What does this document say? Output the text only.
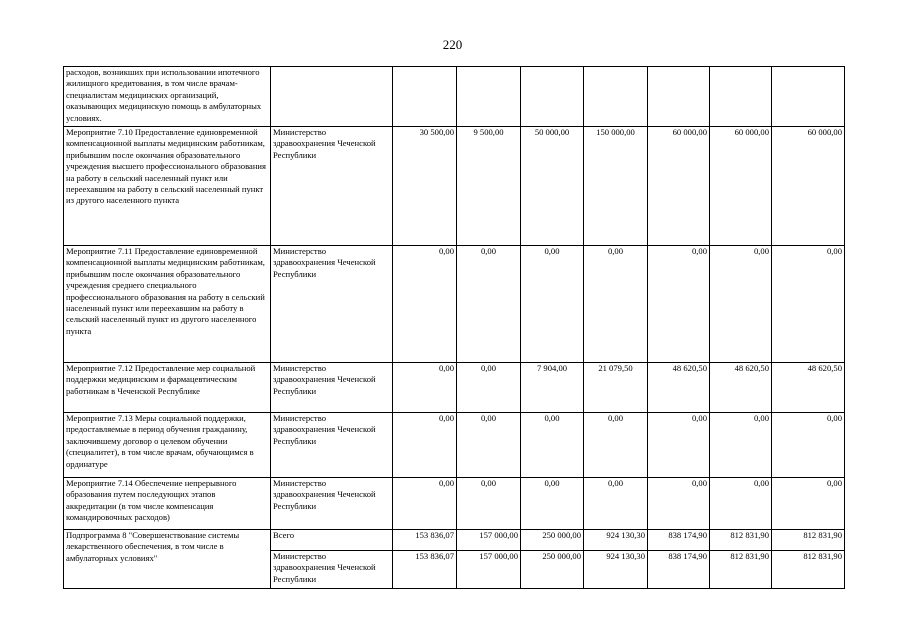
220
расходов, возникших при использовании ипотечного жилищного кредитования, в том числе врачам-специалистам медицинских организаций, оказывающих медицинскую помощь в амбулаторных условиях.								
Мероприятие 7.10 Предоставление единовременной компенсационной выплаты медицинским работникам, прибывшим после окончания образовательного учреждения высшего профессионального образования на работу в сельский населенный пункт или переехавшим на работу в сельский населенный пункт из другого населенного пункта	Министерство здравоохранения Чеченской Республики	30 500,00	9 500,00	50 000,00	150 000,00	60 000,00	60 000,00	60 000,00
Мероприятие 7.11 Предоставление единовременной компенсационной выплаты медицинским работникам, прибывшим после окончания образовательного учреждения среднего специального профессионального образования на работу в сельский населенный пункт или переехавшим на работу в сельский населенный пункт из другого населенного пункта	Министерство здравоохранения Чеченской Республики	0,00	0,00	0,00	0,00	0,00	0,00	0,00
Мероприятие 7.12 Предоставление мер социальной поддержки медицинским и фармацевтическим работникам в Чеченской Республике	Министерство здравоохранения Чеченской Республики	0,00	0,00	7 904,00	21 079,50	48 620,50	48 620,50	48 620,50
Мероприятие 7.13 Меры социальной поддержки, предоставляемые в период обучения гражданину, заключившему договор о целевом обучении (специалитет), в том числе врачам, обучающимся в ординатуре	Министерство здравоохранения Чеченской Республики	0,00	0,00	0,00	0,00	0,00	0,00	0,00
Мероприятие 7.14 Обеспечение непрерывного образования путем последующих этапов аккредитации (в том числе компенсация командировочных расходов)	Министерство здравоохранения Чеченской Республики	0,00	0,00	0,00	0,00	0,00	0,00	0,00
Подпрограмма 8 "Совершенствование системы лекарственного обеспечения, в том числе в амбулаторных условиях"	Всего	153 836,07	157 000,00	250 000,00	924 130,30	838 174,90	812 831,90	812 831,90
	Министерство здравоохранения Чеченской Республики	153 836,07	157 000,00	250 000,00	924 130,30	838 174,90	812 831,90	812 831,90
